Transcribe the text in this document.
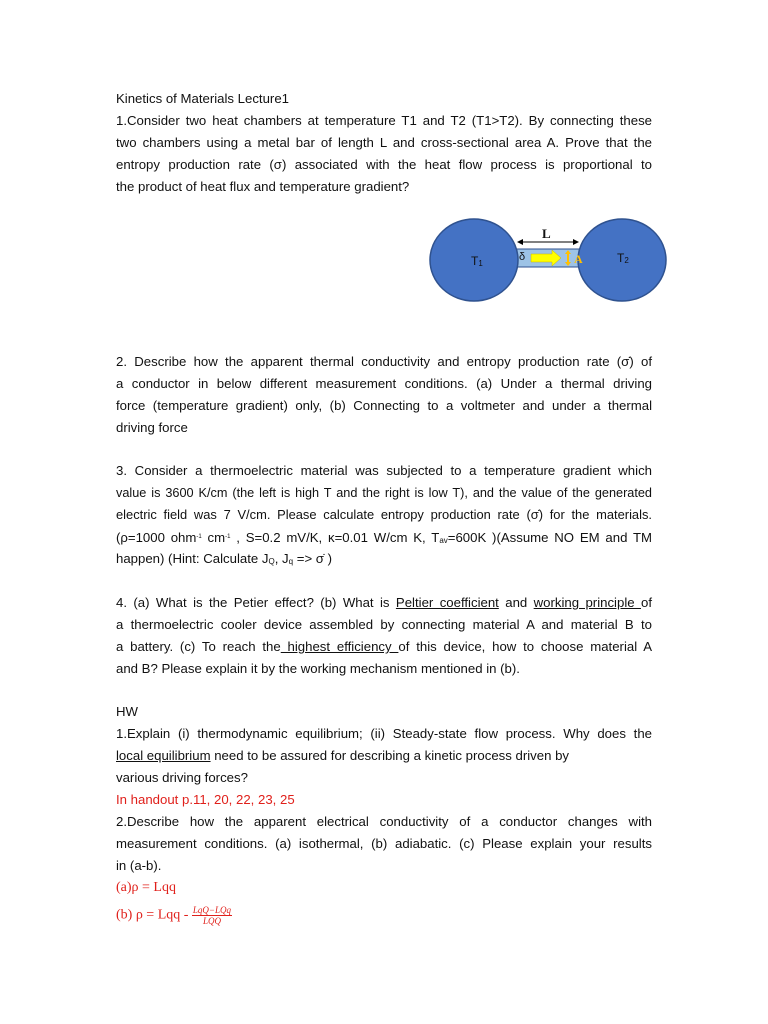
Kinetics of Materials Lecture1
1.Consider two heat chambers at temperature T1 and T2 (T1>T2). By connecting these
two chambers using a metal bar of length L and cross-sectional area A. Prove that the
entropy production rate (σ) associated with the heat flow process is proportional to
the product of heat flux and temperature gradient?
L
$T_1$	$T_2$
δ	A
2. Describe how the apparent thermal conductivity and entropy production rate (σ̇) of
a conductor in below different measurement conditions. (a) Under a thermal driving
force (temperature gradient) only, (b) Connecting to a voltmeter and under a thermal
driving force
3. Consider a thermoelectric material was subjected to a temperature gradient which
value is 3600 K/cm (the left is high T and the right is low T), and the value of the generated
electric field was 7 V/cm. Please calculate entropy production rate (σ̇) for the materials.
(ρ=1000 ohm$^{-1}$ $cm^{-1}$ , S=0.2 mV/K, κ=0.01 W/cm K, $T_{av}=600K$ )(Assume NO EM and TM
happen) (Hint: Calculate $J_Q$, $J_q$ => σ̇ )
4. (a) What is the Petier effect? (b) What is Peltier coefficient and working principle of
a thermoelectric cooler device assembled by connecting material A and material B to
a battery. (c) To reach the highest efficiency of this device, how to choose material A
and B? Please explain it by the working mechanism mentioned in (b).
HW
1.Explain (i) thermodynamic equilibrium; (ii) Steady-state flow process. Why does the
local equilibrium need to be assured for describing a kinetic process driven by
various driving forces?
In handout p.11, 20, 22, 23, 25
2.Describe how the apparent electrical conductivity of a conductor changes with
measurement conditions. (a) isothermal, (b) adiabatic. (c) Please explain your results
in (a-b).
(a)ρ = Lqq
(b) ρ = Lqq - $\frac{\text{LqQ−LQq}}{\text{LQQ}}$
